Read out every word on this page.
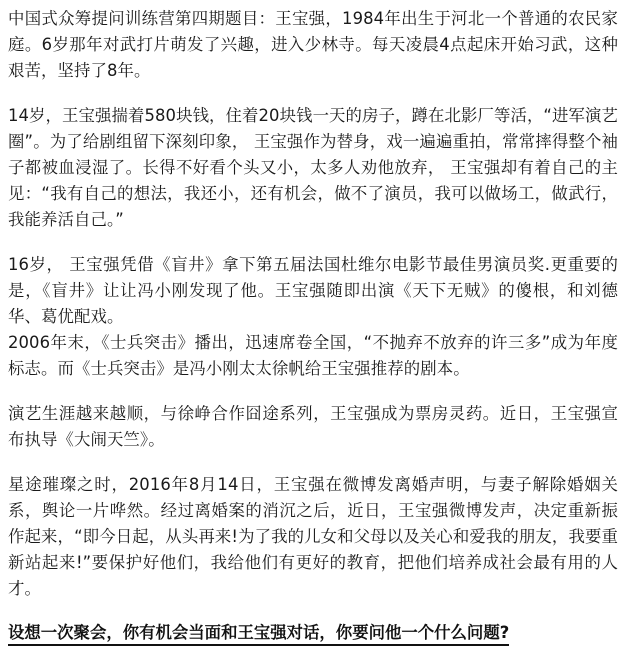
中国式众筹提问训练营第四期题目：王宝强，1984年出生于河北一个普通的农民家庭。6岁那年对武打片萌发了兴趣，进入少林寺。每天凌晨4点起床开始习武，这种艰苦，坚持了8年。

14岁，王宝强揣着580块钱，住着20块钱一天的房子，蹲在北影厂等活，“进军演艺圈”。为了给剧组留下深刻印象， 王宝强作为替身，戏一遍遍重拍，常常摔得整个袖子都被血浸湿了。长得不好看个头又小，太多人劝他放弃， 王宝强却有着自己的主见：“我有自己的想法，我还小，还有机会，做不了演员，我可以做场工，做武行，我能养活自己。”

16岁， 王宝强凭借《盲井》拿下第五届法国杜维尔电影节最佳男演员奖.更重要的是，《盲井》让让冯小刚发现了他。王宝强随即出演《天下无贼》的傻根，和刘德华、葛优配戏。

2006年末，《士兵突击》播出，迅速席卷全国，“不抛弃不放弃的许三多”成为年度标志。而《士兵突击》是冯小刚太太徐帆给王宝强推荐的剧本。

演艺生涯越来越顺，与徐峥合作囧途系列，王宝强成为票房灵药。近日，王宝强宣布执导《大闹天竺》。

星途璀璨之时，2016年8月14日，王宝强在微博发离婚声明，与妻子解除婚姻关系，舆论一片哗然。经过离婚案的消沉之后，近日，王宝强微博发声，决定重新振作起来，“即今日起，从头再来!为了我的儿女和父母以及关心和爱我的朋友，我要重新站起来!”要保护好他们，我给他们有更好的教育，把他们培养成社会最有用的人才。

设想一次聚会，你有机会当面和王宝强对话，你要问他一个什么问题?
